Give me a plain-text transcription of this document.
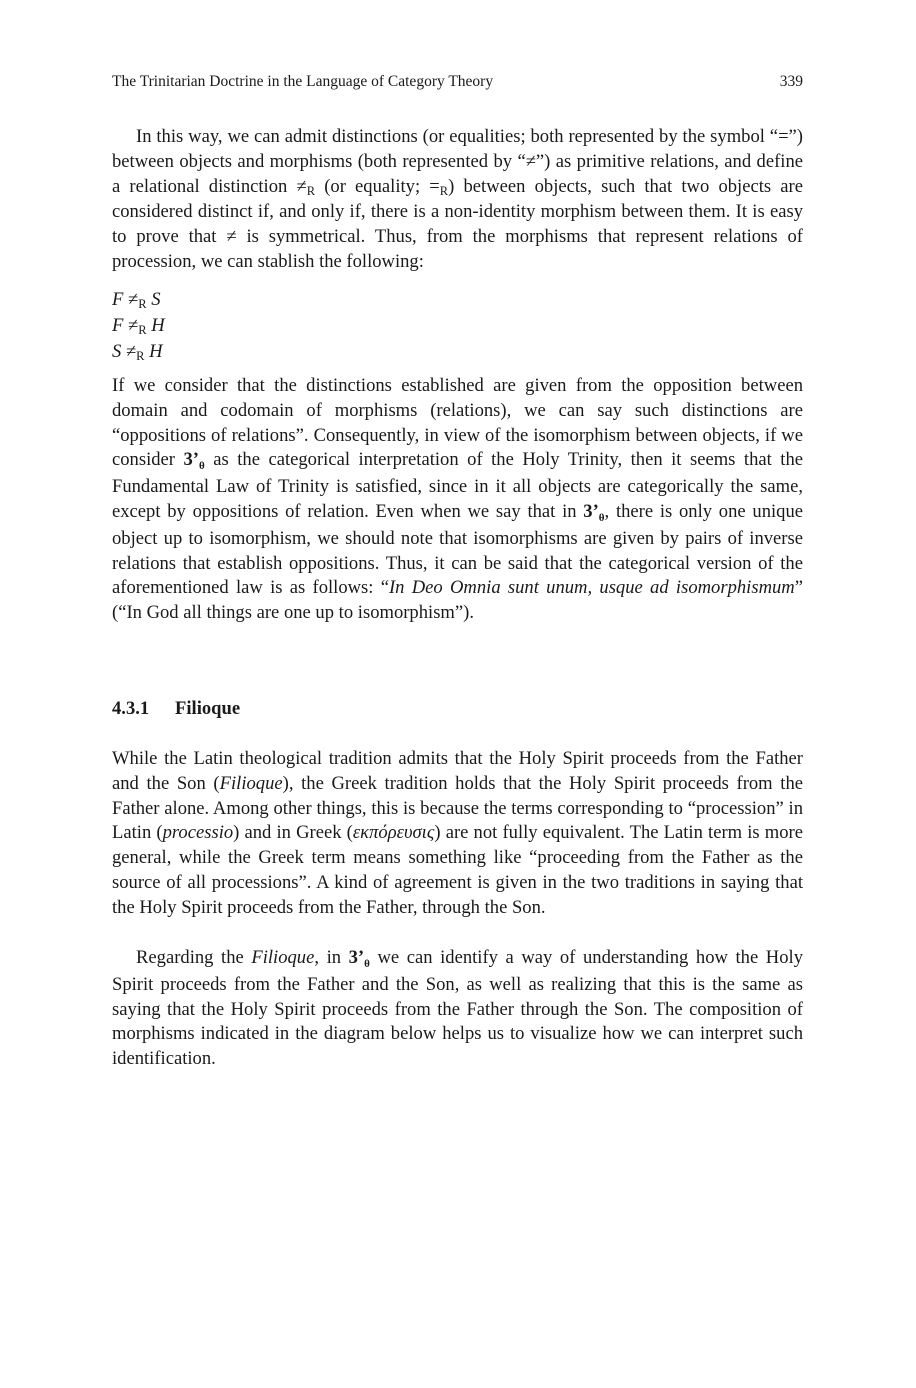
The Trinitarian Doctrine in the Language of Category Theory	339

In this way, we can admit distinctions (or equalities; both represented by the symbol “=”) between objects and morphisms (both represented by “≠”) as primitive relations, and define a relational distinction ≠R (or equality; =R) between objects, such that two objects are considered distinct if, and only if, there is a non-identity morphism between them. It is easy to prove that ≠ is symmetrical. Thus, from the morphisms that represent relations of procession, we can stablish the following:

F ≠R S
F ≠R H
S ≠R H

If we consider that the distinctions established are given from the opposition between domain and codomain of morphisms (relations), we can say such distinctions are “oppositions of relations”. Consequently, in view of the isomorphism between objects, if we consider $3’_\theta$ as the categorical interpretation of the Holy Trinity, then it seems that the Fundamental Law of Trinity is satisfied, since in it all objects are categorically the same, except by oppositions of relation. Even when we say that in $3’_\theta$, there is only one unique object up to isomorphism, we should note that isomorphisms are given by pairs of inverse relations that establish oppositions. Thus, it can be said that the categorical version of the aforementioned law is as follows: “In Deo Omnia sunt unum, usque ad isomorphismum” (“In God all things are one up to isomorphism”).

4.3.1 Filioque

While the Latin theological tradition admits that the Holy Spirit proceeds from the Father and the Son (Filioque), the Greek tradition holds that the Holy Spirit proceeds from the Father alone. Among other things, this is because the terms corresponding to “procession” in Latin (processio) and in Greek (εκπόρευσις) are not fully equivalent. The Latin term is more general, while the Greek term means something like “proceeding from the Father as the source of all processions”. A kind of agreement is given in the two traditions in saying that the Holy Spirit proceeds from the Father, through the Son.

Regarding the Filioque, in $3’_\theta$ we can identify a way of understanding how the Holy Spirit proceeds from the Father and the Son, as well as realizing that this is the same as saying that the Holy Spirit proceeds from the Father through the Son. The composition of morphisms indicated in the diagram below helps us to visualize how we can interpret such identification.
